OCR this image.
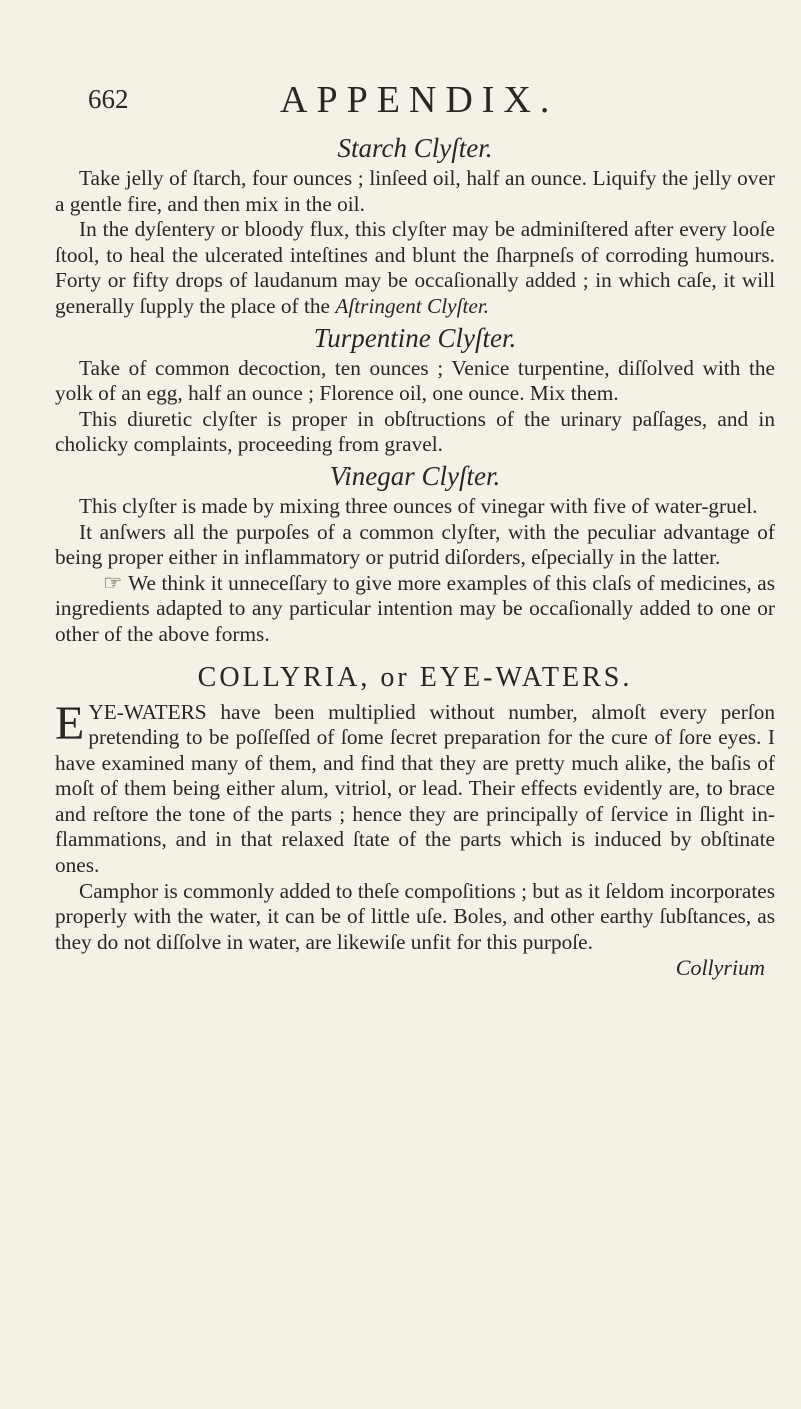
662	APPENDIX.

Starch Clyſter.

Take jelly of ſtarch, four ounces ; linſeed oil, half an ounce. Liquify the jelly over a gentle fire, and then mix in the oil.

In the dyſentery or bloody flux, this clyſter may be adminiſtered after every looſe ſtool, to heal the ulcerated inteſtines and blunt the ſharpneſs of corroding humours. Forty or fifty drops of laudanum may be occaſionally added ; in which caſe, it will generally ſupply the place of the Aſtringent Clyſter.

Turpentine Clyſter.

Take of common decoction, ten ounces ; Venice turpentine, diſſolved with the yolk of an egg, half an ounce ; Florence oil, one ounce. Mix them.

This diuretic clyſter is proper in obſtructions of the urinary paſſages, and in cholicky complaints, proceeding from gravel.

Vinegar Clyſter.

This clyſter is made by mixing three ounces of vinegar with five of water-gruel.

It anſwers all the purpoſes of a common clyſter, with the peculiar advantage of being proper either in inflammatory or putrid diſorders, eſpecially in the latter.

☞ We think it unneceſſary to give more examples of this claſs of medicines, as ingredients adapted to any particular intention may be occaſionally added to one or other of the above forms.

COLLYRIA, or EYE-WATERS.

EYE-WATERS have been multiplied without number, almoſt every perſon pretending to be poſſeſſed of ſome ſecret preparation for the cure of ſore eyes. I have examined many of them, and find that they are pretty much alike, the baſis of moſt of them being either alum, vitriol, or lead. Their effects evidently are, to brace and reſtore the tone of the parts ; hence they are principally of ſervice in ſlight inflammations, and in that relaxed ſtate of the parts which is induced by obſtinate ones.

Camphor is commonly added to theſe compoſitions ; but as it ſeldom incorporates properly with the water, it can be of little uſe. Boles, and other earthy ſubſtances, as they do not diſſolve in water, are likewiſe unfit for this purpoſe.

Collyrium
